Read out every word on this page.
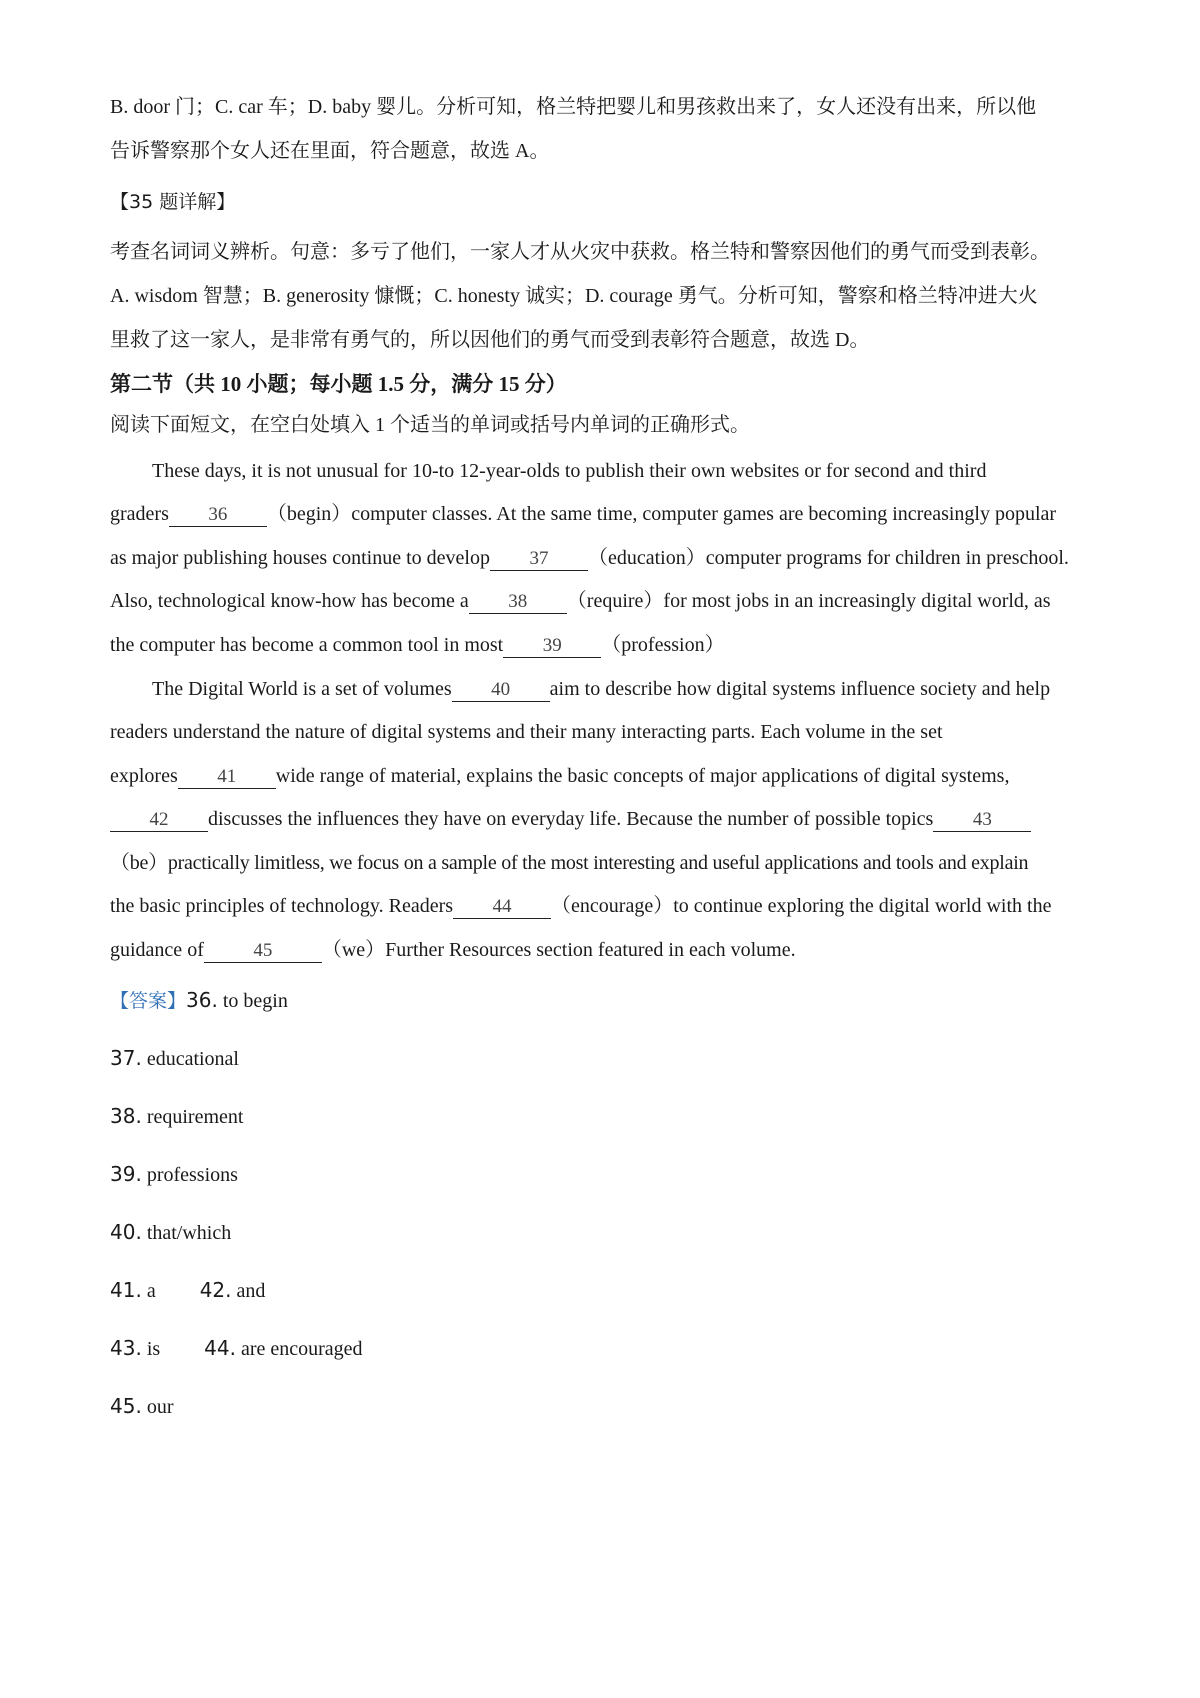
B. door 门；C. car 车；D. baby 婴儿。分析可知，格兰特把婴儿和男孩救出来了，女人还没有出来，所以他
告诉警察那个女人还在里面，符合题意，故选 A。
【35 题详解】
考查名词词义辨析。句意：多亏了他们，一家人才从火灾中获救。格兰特和警察因他们的勇气而受到表彰。
A. wisdom 智慧；B. generosity 慷慨；C. honesty 诚实；D. courage 勇气。分析可知，警察和格兰特冲进大火
里救了这一家人，是非常有勇气的，所以因他们的勇气而受到表彰符合题意，故选 D。
第二节（共 10 小题；每小题 1.5 分，满分 15 分）
阅读下面短文，在空白处填入 1 个适当的单词或括号内单词的正确形式。
These days, it is not unusual for 10-to 12-year-olds to publish their own websites or for second and third
graders 36 （begin）computer classes. At the same time, computer games are becoming increasingly popular
as major publishing houses continue to develop 37 （education）computer programs for children in preschool.
Also, technological know-how has become a 38 （require）for most jobs in an increasingly digital world, as
the computer has become a common tool in most 39 （profession）
The Digital World is a set of volumes 40 aim to describe how digital systems influence society and help
readers understand the nature of digital systems and their many interacting parts. Each volume in the set
explores 41 wide range of material, explains the basic concepts of major applications of digital systems,
42 discusses the influences they have on everyday life. Because the number of possible topics 43
（be）practically limitless, we focus on a sample of the most interesting and useful applications and tools and explain
the basic principles of technology. Readers 44 （encourage）to continue exploring the digital world with the
guidance of	45 （we）Further Resources section featured in each volume.
【答案】36. to begin
37. educational
38. requirement
39. professions
40. that/which
41. a 42. and
43. is 44. are encouraged
45. our
